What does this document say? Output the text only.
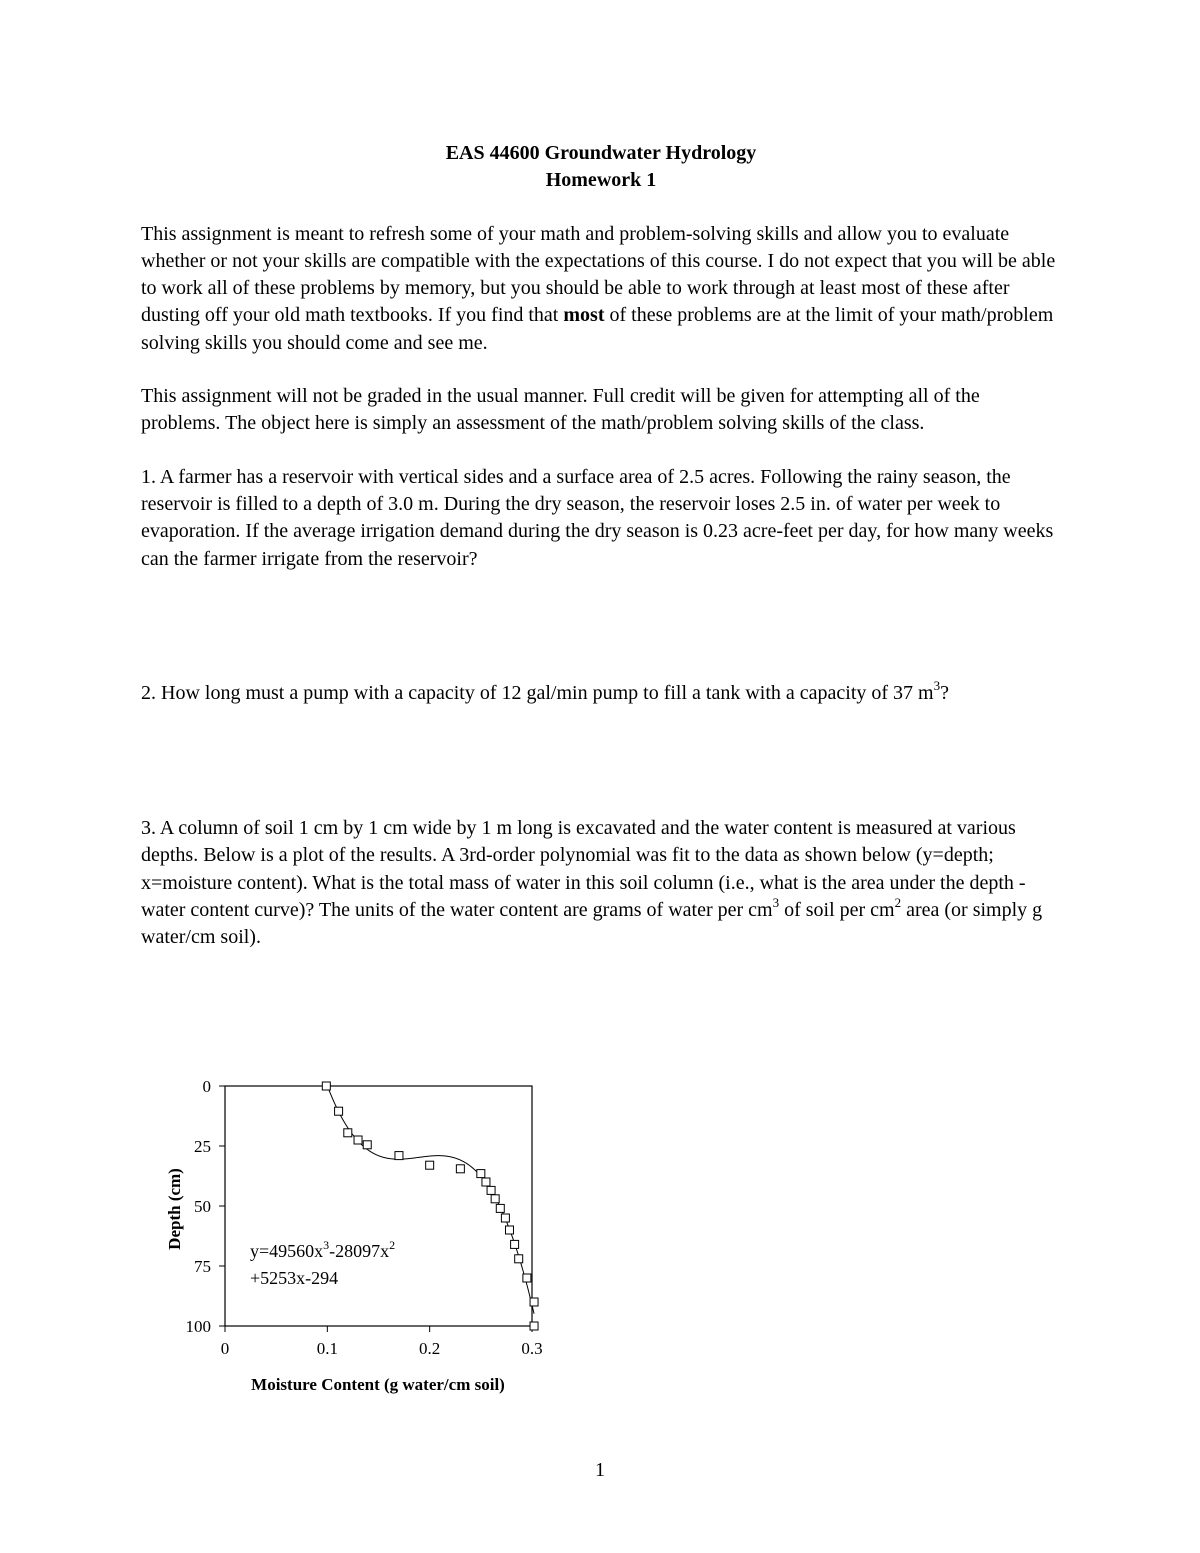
EAS 44600 Groundwater Hydrology
Homework 1

This assignment is meant to refresh some of your math and problem-solving skills and allow you to evaluate whether or not your skills are compatible with the expectations of this course. I do not expect that you will be able to work all of these problems by memory, but you should be able to work through at least most of these after dusting off your old math textbooks. If you find that most of these problems are at the limit of your math/problem solving skills you should come and see me.

This assignment will not be graded in the usual manner. Full credit will be given for attempting all of the problems. The object here is simply an assessment of the math/problem solving skills of the class.

1. A farmer has a reservoir with vertical sides and a surface area of 2.5 acres. Following the rainy season, the reservoir is filled to a depth of 3.0 m. During the dry season, the reservoir loses 2.5 in. of water per week to evaporation. If the average irrigation demand during the dry season is 0.23 acre-feet per day, for how many weeks can the farmer irrigate from the reservoir?

2. How long must a pump with a capacity of 12 gal/min pump to fill a tank with a capacity of 37 $m^3$?

3. A column of soil 1 cm by 1 cm wide by 1 m long is excavated and the water content is measured at various depths. Below is a plot of the results. A 3rd-order polynomial was fit to the data as shown below (y=depth; x=moisture content). What is the total mass of water in this soil column (i.e., what is the area under the depth -water content curve)? The units of the water content are grams of water per $cm^3$ of soil per $cm^2$ area (or simply g water/cm soil).

0
25
50
75
100
0	0.1	0.2	0.3
Depth (cm)
Moisture Content (g water/cm soil)
$y=49560x^3-28097x^2$
+5253x-294
1
